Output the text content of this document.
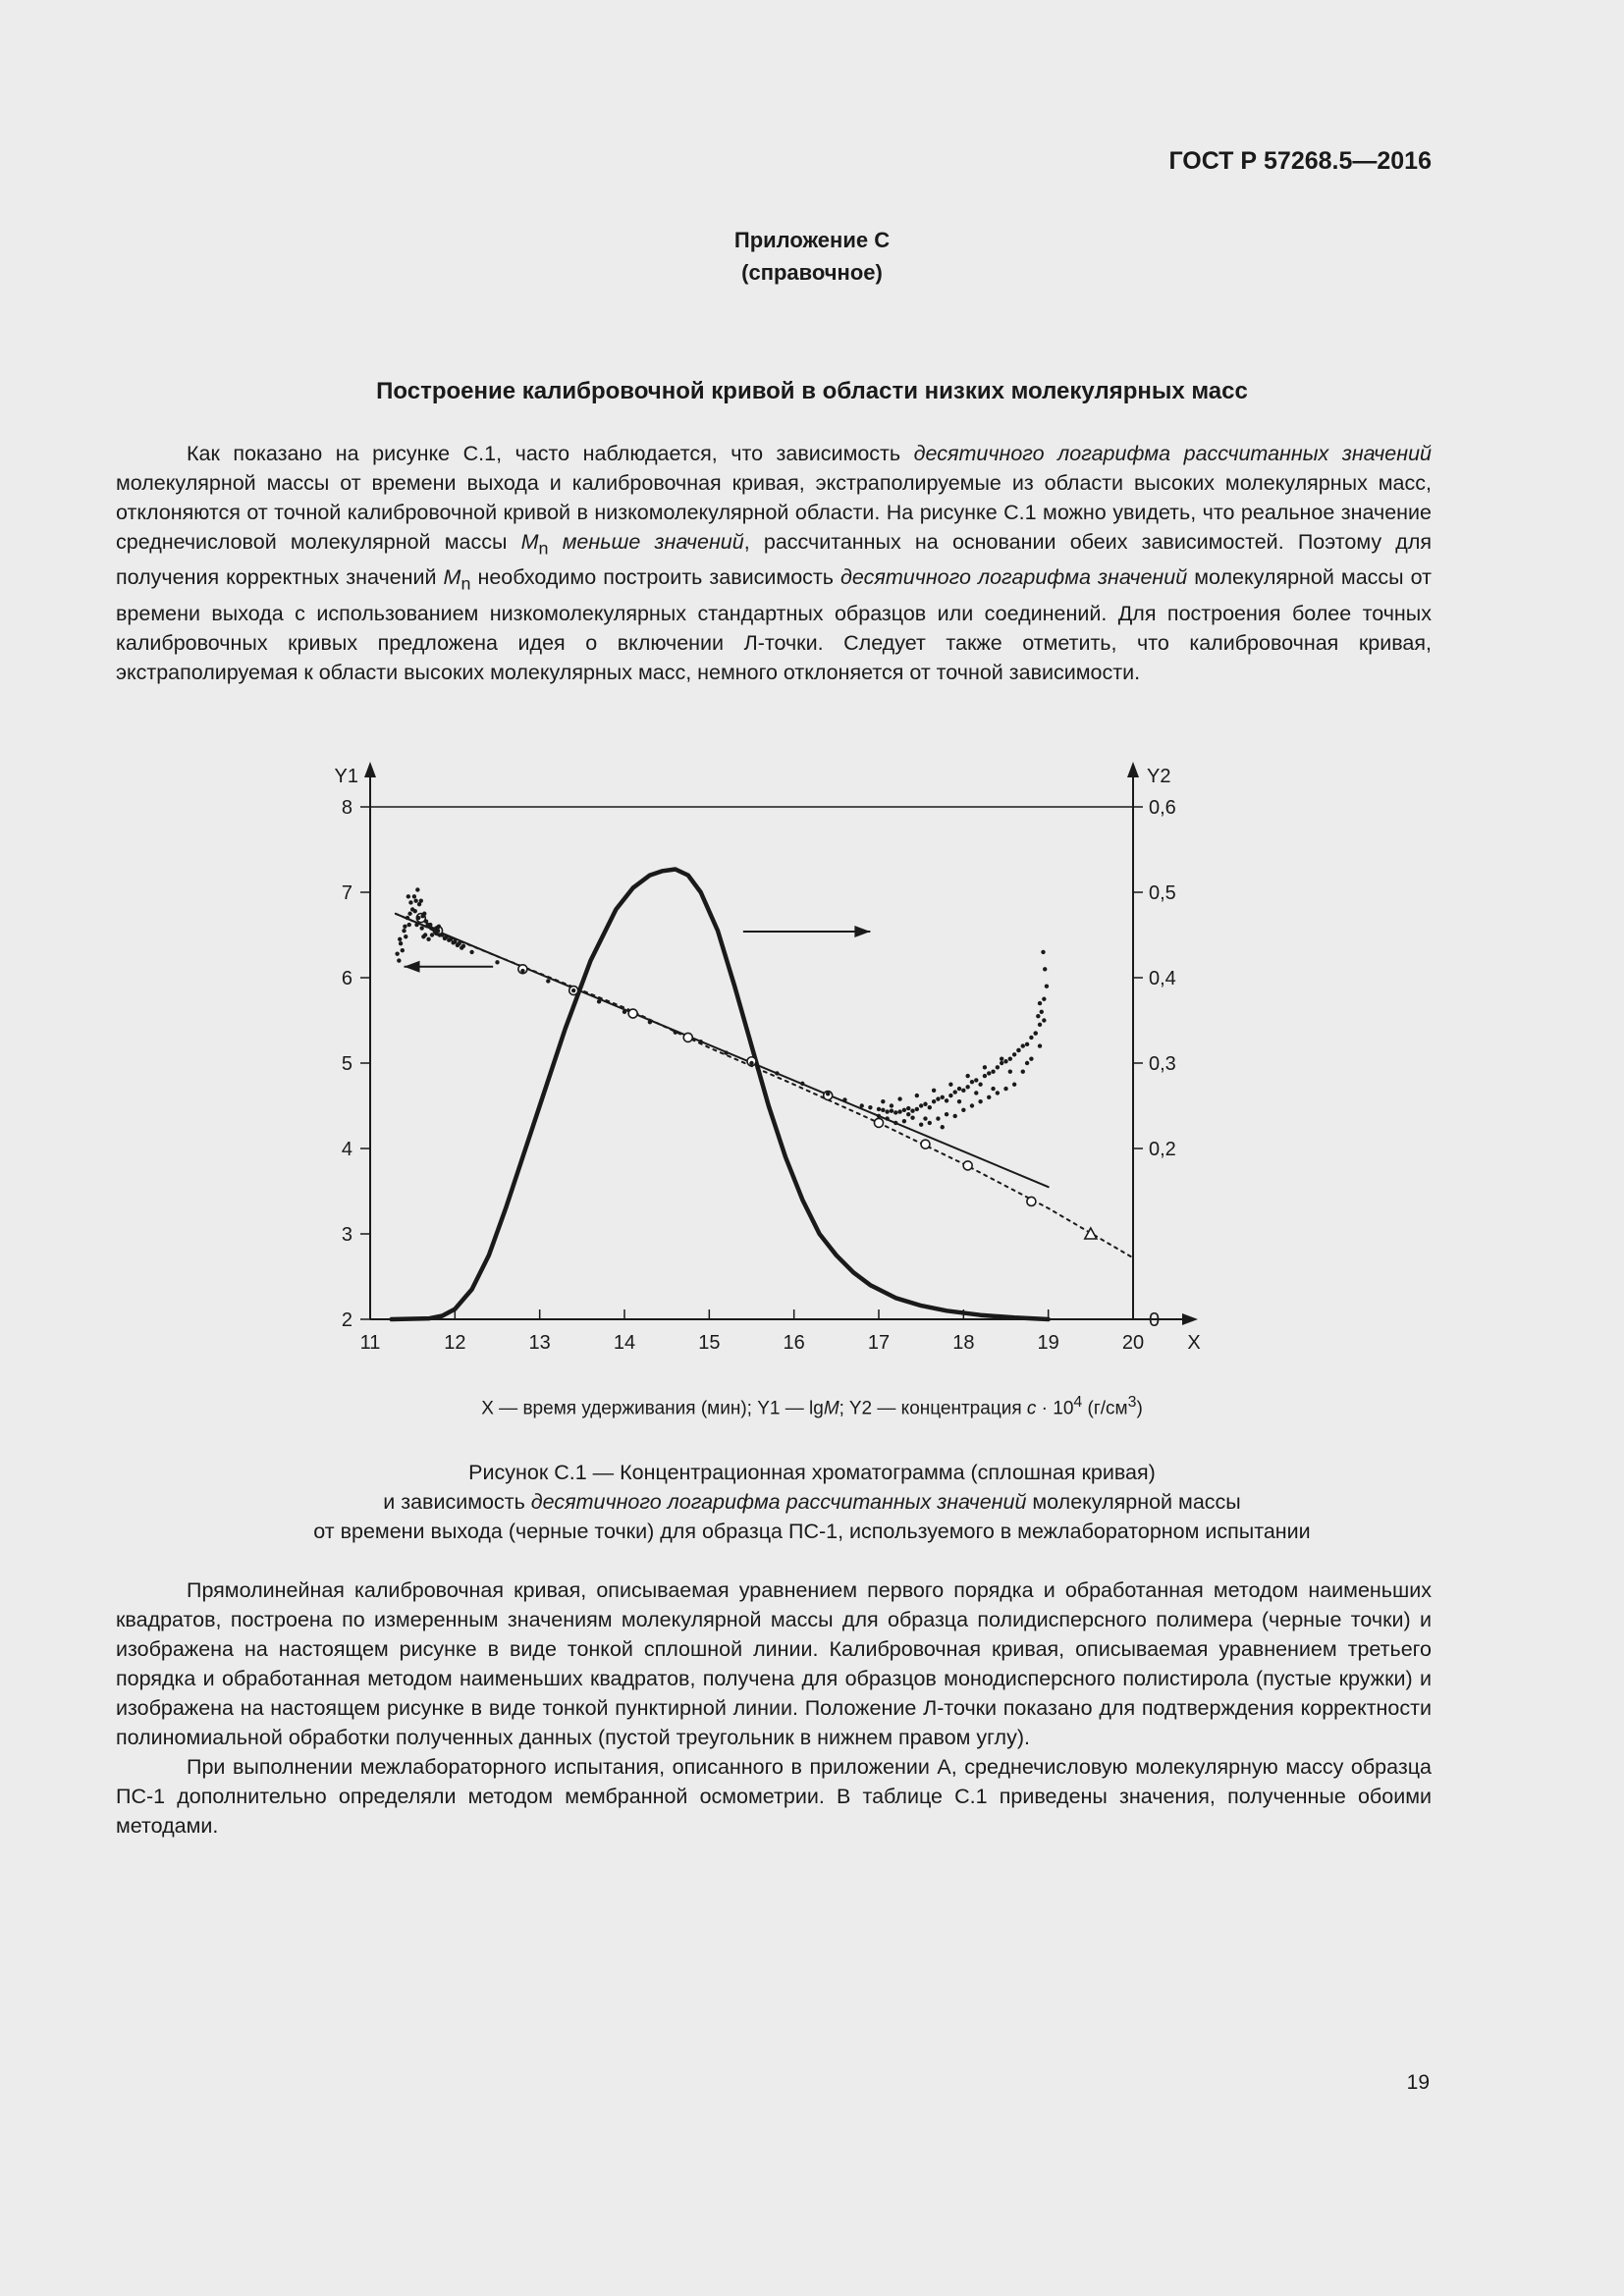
ГОСТ Р 57268.5—2016
Приложение С
(справочное)
Построение калибровочной кривой в области низких молекулярных масс

Как показано на рисунке С.1, часто наблюдается, что зависимость десятичного логарифма рассчитанных значений молекулярной массы от времени выхода и калибровочная кривая, экстраполируемые из области высоких молекулярных масс, отклоняются от точной калибровочной кривой в низкомолекулярной области. На рисунке С.1 можно увидеть, что реальное значение среднечисловой молекулярной массы $M_n$ меньше значений, рассчитанных на основании обеих зависимостей. Поэтому для получения корректных значений $M_n$ необходимо построить зависимость десятичного логарифма значений молекулярной массы от времени выхода с использованием низкомолекулярных стандартных образцов или соединений. Для построения более точных калибровочных кривых предложена идея о включении Л-точки. Следует также отметить, что калибровочная кривая, экстраполируемая к области высоких молекулярных масс, немного отклоняется от точной зависимости.

11	12	13	14	15	16	17	18	19	20
2
3
4
5
6
7
8
0
0,2
0,3
0,4
0,5
0,6
X
Y1	Y2
X — время удерживания (мин); Y1 — lgM; Y2 — концентрация $c \cdot 10^4$ $(г/см^3)$
Рисунок С.1 — Концентрационная хроматограмма (сплошная кривая)
и зависимость десятичного логарифма рассчитанных значений молекулярной массы
от времени выхода (черные точки) для образца ПС-1, используемого в межлабораторном испытании

Прямолинейная калибровочная кривая, описываемая уравнением первого порядка и обработанная методом наименьших квадратов, построена по измеренным значениям молекулярной массы для образца полидисперсного полимера (черные точки) и изображена на настоящем рисунке в виде тонкой сплошной линии. Калибровочная кривая, описываемая уравнением третьего порядка и обработанная методом наименьших квадратов, получена для образцов монодисперсного полистирола (пустые кружки) и изображена на настоящем рисунке в виде тонкой пунктирной линии. Положение Л-точки показано для подтверждения корректности полиномиальной обработки полученных данных (пустой треугольник в нижнем правом углу).

При выполнении межлабораторного испытания, описанного в приложении А, среднечисловую молекулярную массу образца ПС-1 дополнительно определяли методом мембранной осмометрии. В таблице С.1 приведены значения, полученные обоими методами.

19
